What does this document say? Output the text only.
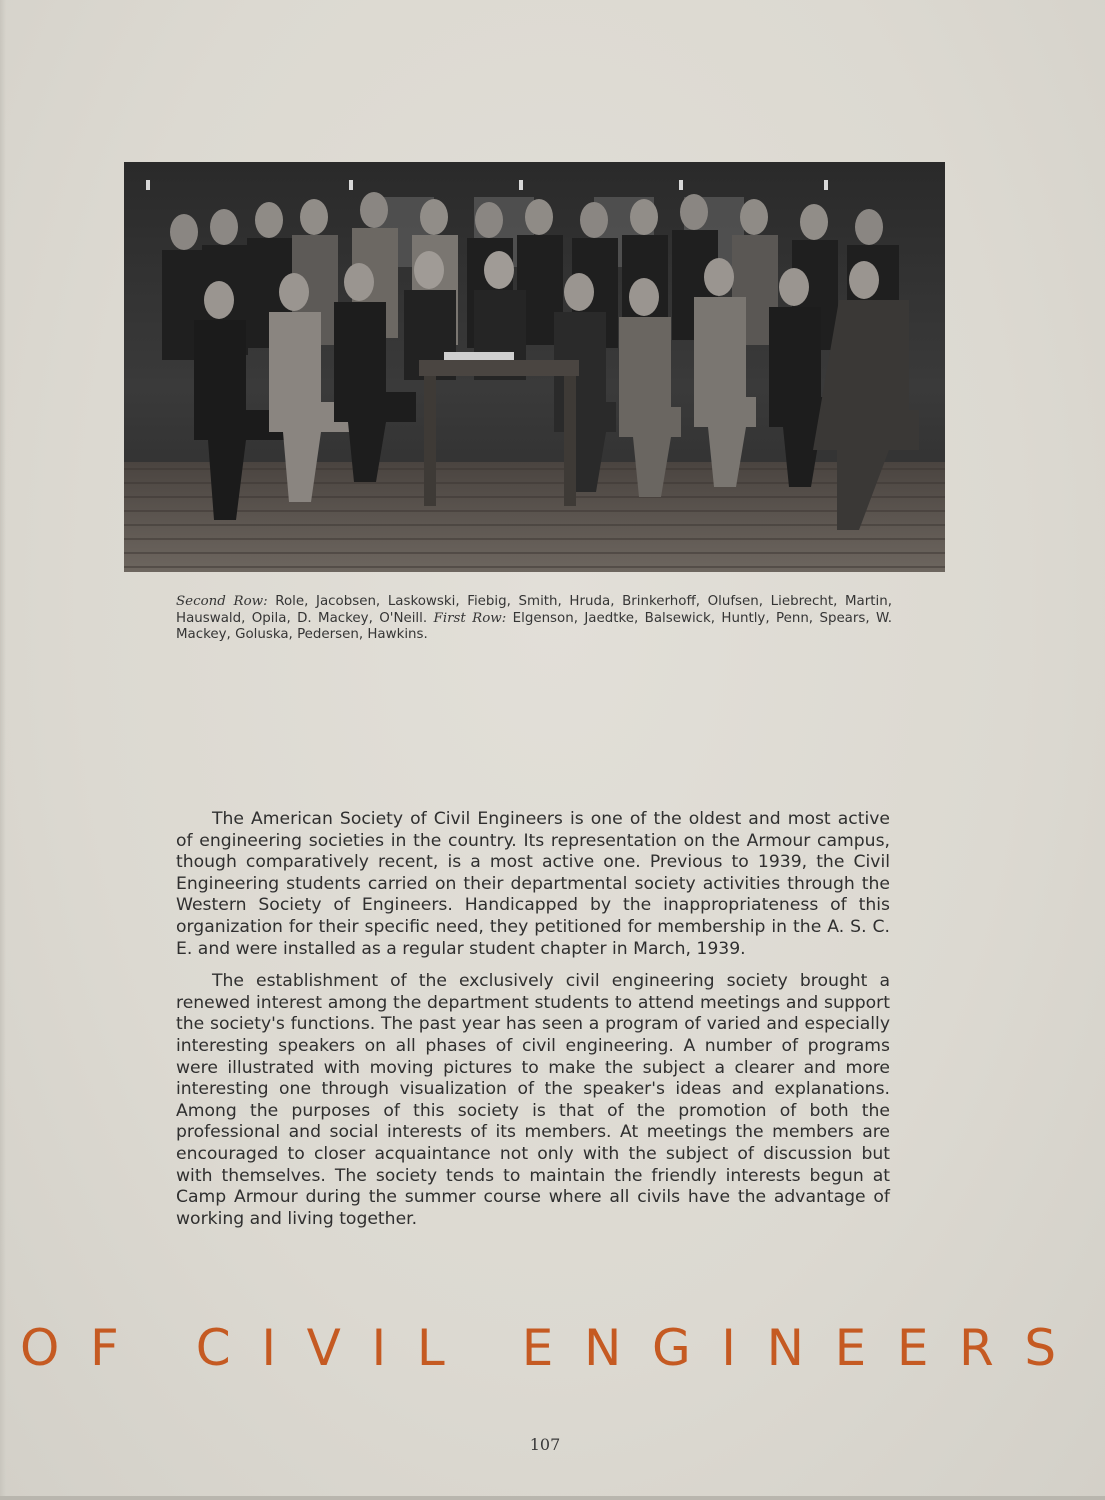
Second Row: Role, Jacobsen, Laskowski, Fiebig, Smith, Hruda, Brinkerhoff, Olufsen, Liebrecht, Martin, Hauswald, Opila, D. Mackey, O'Neill. First Row: Elgenson, Jaedtke, Balsewick, Huntly, Penn, Spears, W. Mackey, Goluska, Pedersen, Hawkins.

The American Society of Civil Engineers is one of the oldest and most active of engineering societies in the country. Its representation on the Armour campus, though comparatively recent, is a most active one. Previous to 1939, the Civil Engineering students carried on their departmental society activities through the Western Society of Engineers. Handicapped by the inappropriateness of this organization for their specific need, they petitioned for membership in the A. S. C. E. and were installed as a regular student chapter in March, 1939.

The establishment of the exclusively civil engineering society brought a renewed interest among the department students to attend meetings and support the society's functions. The past year has seen a program of varied and especially interesting speakers on all phases of civil engineering. A number of programs were illustrated with moving pictures to make the subject a clearer and more interesting one through visualization of the speaker's ideas and explanations. Among the purposes of this society is that of the promotion of both the professional and social interests of its members. At meetings the members are encouraged to closer acquaintance not only with the subject of discussion but with themselves. The society tends to maintain the friendly interests begun at Camp Armour during the summer course where all civils have the advantage of working and living together.

OF CIVIL ENGINEERS
107
